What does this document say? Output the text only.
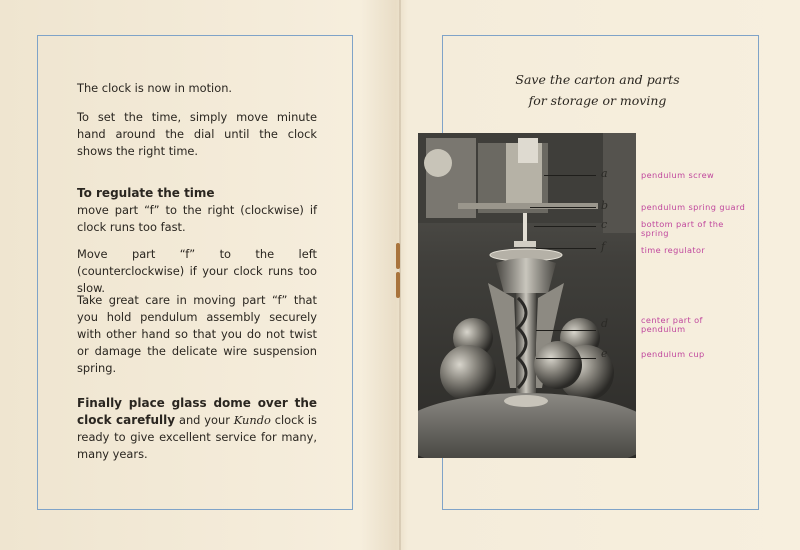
The clock is now in motion.

To set the time, simply move minute hand around the dial until the clock shows the right time.

To regulate the time

move part “f” to the right (clockwise) if clock runs too fast.

Move part “f” to the left (counterclockwise) if your clock runs too slow.

Take great care in moving part “f” that you hold pendulum assembly securely with other hand so that you do not twist or damage the delicate wire suspension spring.

Finally place glass dome over the clock carefully and your Kundo clock is ready to give excellent service for many, many years.

Save the carton and parts
for storage or moving
a
b
c
f
d
e
pendulum screw
pendulum spring guard
bottom part of the
spring
time regulator
center part of
pendulum
pendulum cup
